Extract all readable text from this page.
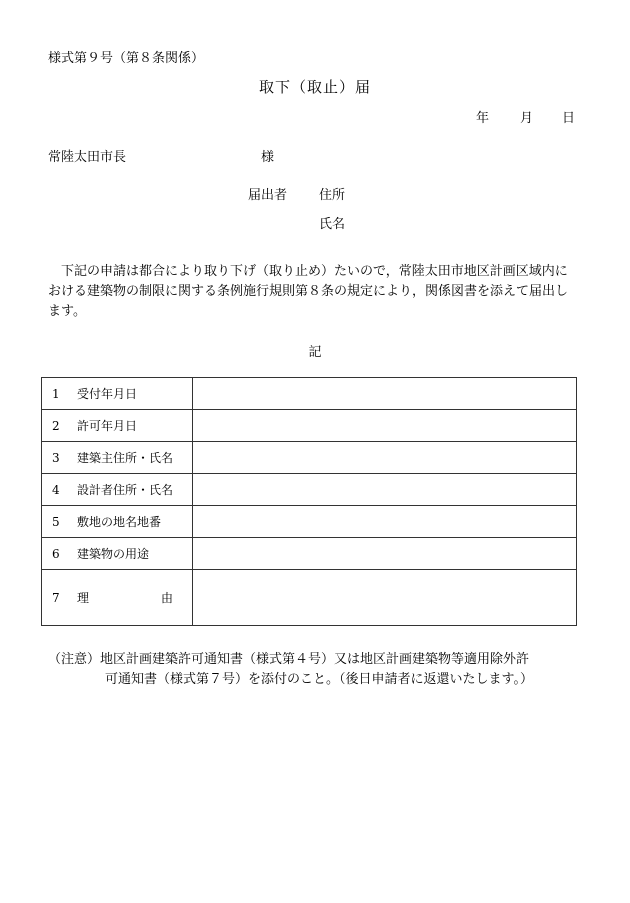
様式第９号（第８条関係）
取下（取止）届
年 月 日
常陸太田市長	様
届出者 住所
氏名
下記の申請は都合により取り下げ（取り止め）たいので，常陸太田市地区計画区域内における建築物の制限に関する条例施行規則第８条の規定により，関係図書を添えて届出します。
記
1 受付年月日	
2 許可年月日	
3 建築主住所・氏名	
4 設計者住所・氏名	
5 敷地の地名地番	
6 建築物の用途	
7 理 由	
（注意）地区計画建築許可通知書（様式第４号）又は地区計画建築物等適用除外許
可通知書（様式第７号）を添付のこと。（後日申請者に返還いたします。）
